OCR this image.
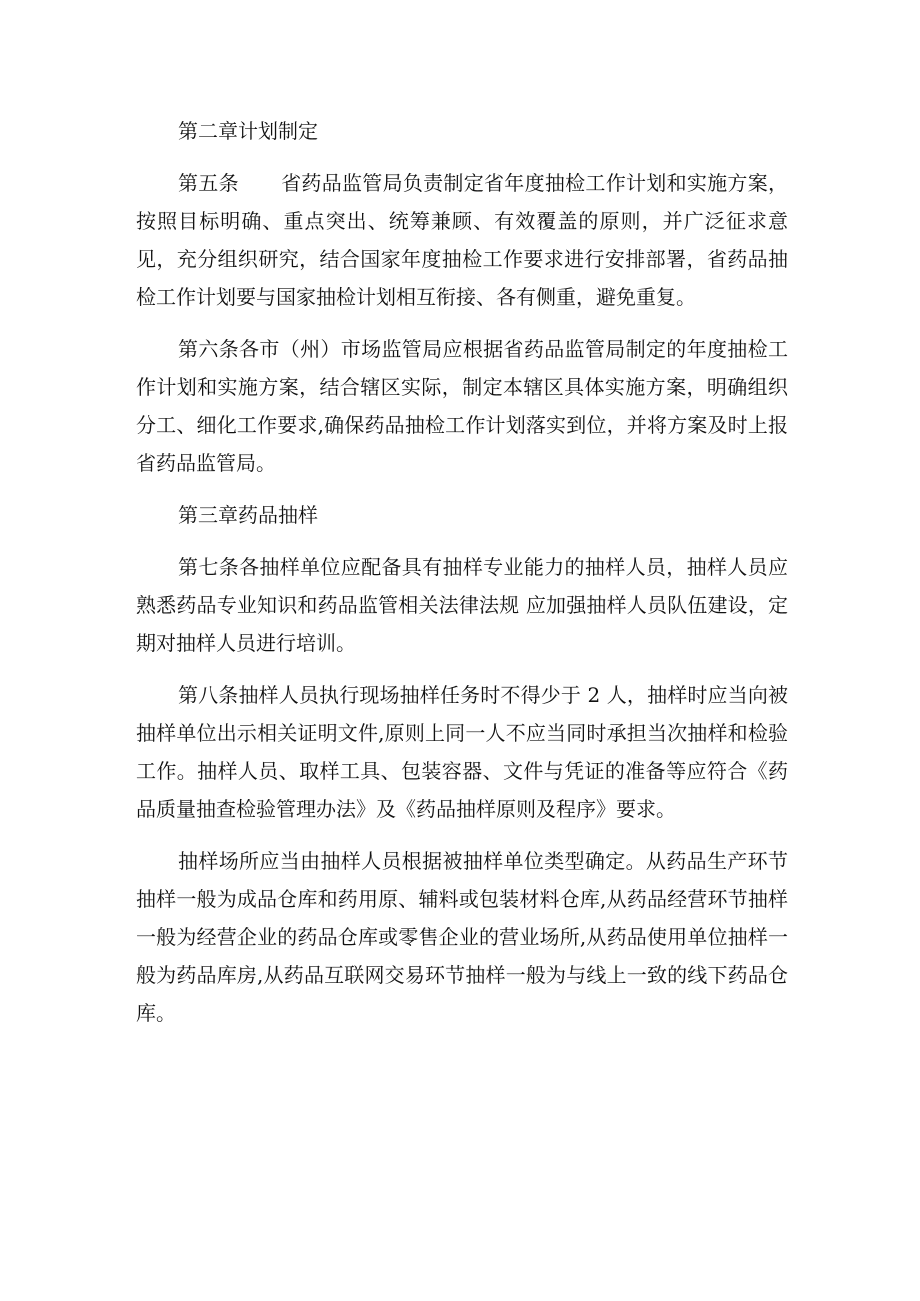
第二章计划制定

第五条 省药品监管局负责制定省年度抽检工作计划和实施方案，按照目标明确、重点突出、统筹兼顾、有效覆盖的原则，并广泛征求意见，充分组织研究，结合国家年度抽检工作要求进行安排部署，省药品抽检工作计划要与国家抽检计划相互衔接、各有侧重，避免重复。

第六条各市（州）市场监管局应根据省药品监管局制定的年度抽检工作计划和实施方案，结合辖区实际，制定本辖区具体实施方案，明确组织分工、细化工作要求,确保药品抽检工作计划落实到位，并将方案及时上报省药品监管局。

第三章药品抽样

第七条各抽样单位应配备具有抽样专业能力的抽样人员，抽样人员应熟悉药品专业知识和药品监管相关法律法规 应加强抽样人员队伍建设，定期对抽样人员进行培训。

第八条抽样人员执行现场抽样任务时不得少于 2 人，抽样时应当向被抽样单位出示相关证明文件,原则上同一人不应当同时承担当次抽样和检验工作。抽样人员、取样工具、包装容器、文件与凭证的准备等应符合《药品质量抽查检验管理办法》及《药品抽样原则及程序》要求。

抽样场所应当由抽样人员根据被抽样单位类型确定。从药品生产环节抽样一般为成品仓库和药用原、辅料或包装材料仓库,从药品经营环节抽样一般为经营企业的药品仓库或零售企业的营业场所,从药品使用单位抽样一般为药品库房,从药品互联网交易环节抽样一般为与线上一致的线下药品仓库。
